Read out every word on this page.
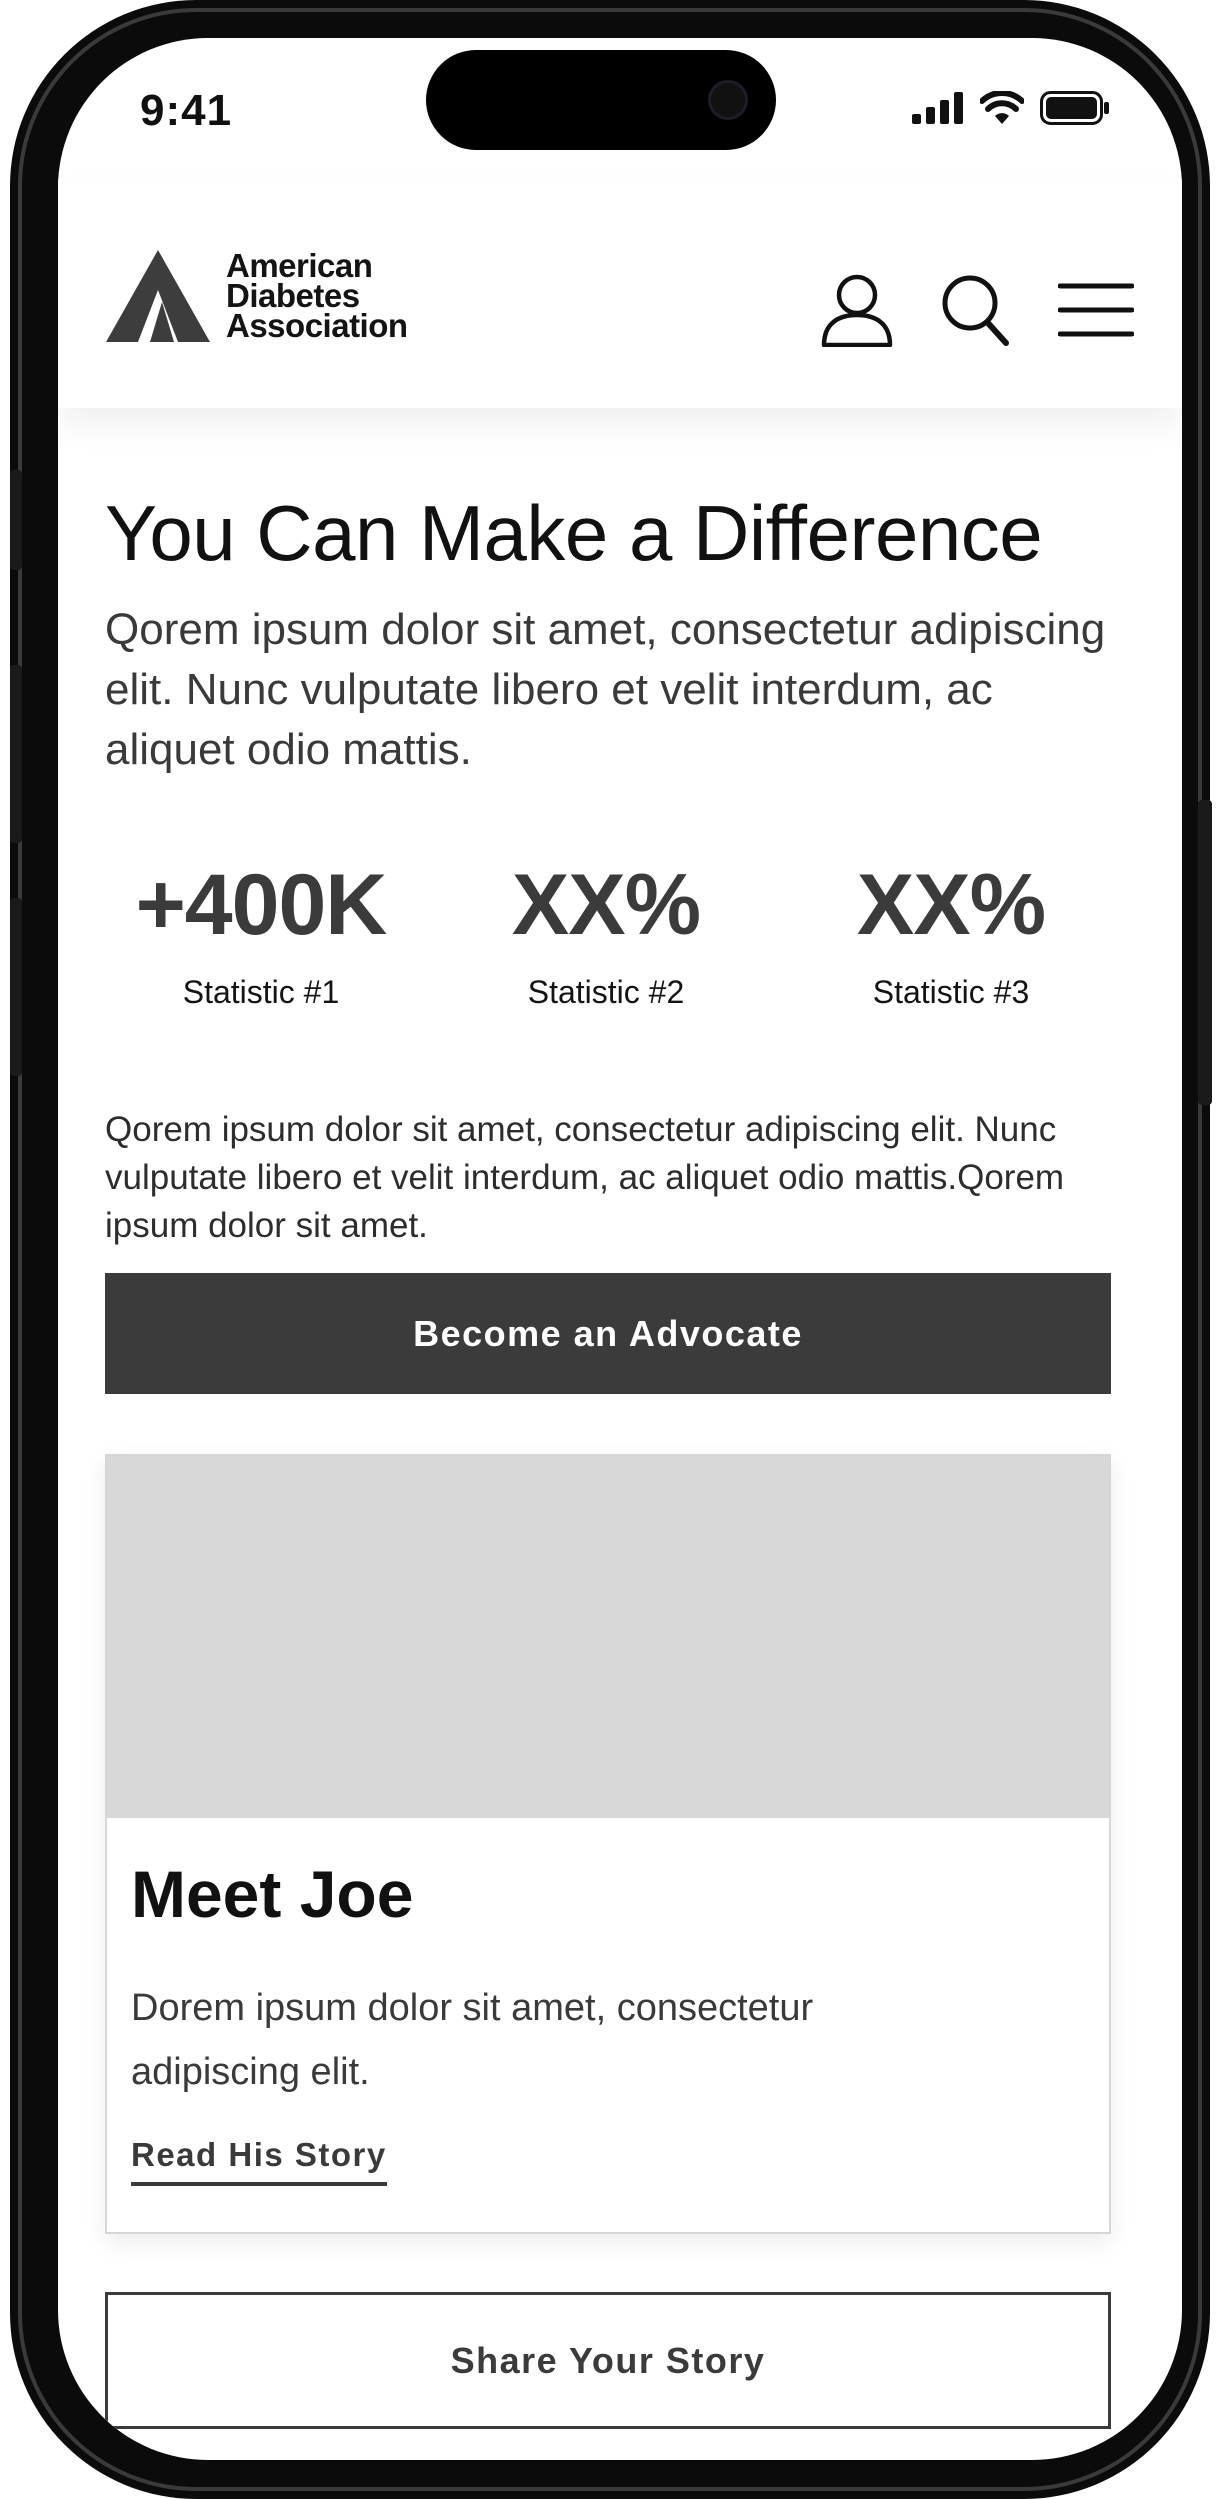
9:41
American
Diabetes
Association
You Can Make a Difference

Qorem ipsum dolor sit amet, consectetur adipiscing elit. Nunc vulputate libero et velit interdum, ac aliquet odio mattis.

+400K
Statistic #1
XX%
Statistic #2
XX%
Statistic #3

Qorem ipsum dolor sit amet, consectetur adipiscing elit. Nunc vulputate libero et velit interdum, ac aliquet odio mattis.Qorem ipsum dolor sit amet.

Become an Advocate
Meet Joe

Dorem ipsum dolor sit amet, consectetur adipiscing elit.

Read His Story
Share Your Story
